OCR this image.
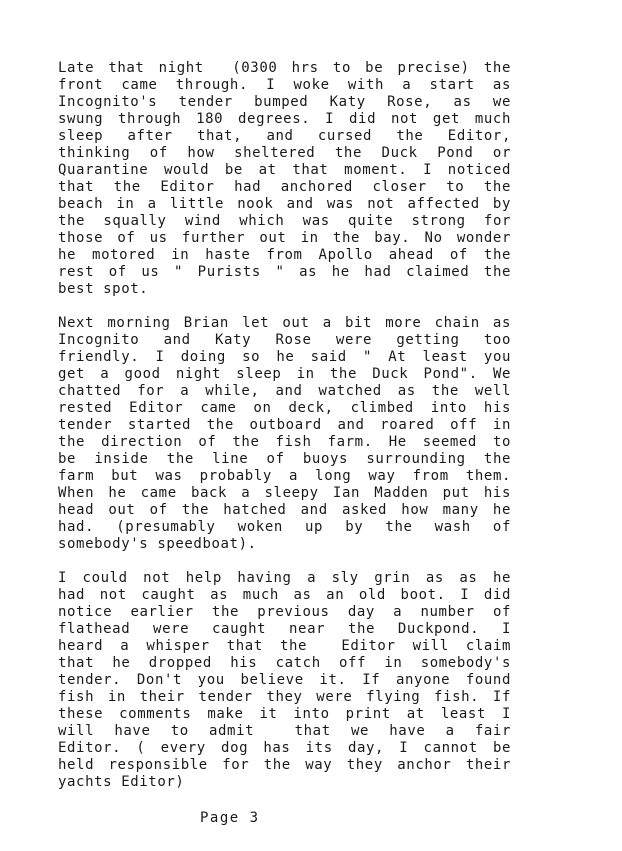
Late that night  (0300 hrs to be precise) the
front came through. I woke with a start as
Incognito's tender bumped Katy Rose, as we
swung through 180 degrees. I did not get much
sleep after that, and cursed the Editor,
thinking of how sheltered the Duck Pond or
Quarantine would be at that moment. I noticed
that the Editor had anchored closer to the
beach in a little nook and was not affected by
the squally wind which was quite strong for
those of us further out in the bay. No wonder
he motored in haste from Apollo ahead of the
rest of us " Purists " as he had claimed the
best spot.
Next morning Brian let out a bit more chain as
Incognito and Katy Rose were getting too
friendly. I doing so he said " At least you
get a good night sleep in the Duck Pond". We
chatted for a while, and watched as the well
rested Editor came on deck, climbed into his
tender started the outboard and roared off in
the direction of the fish farm. He seemed to
be inside the line of buoys surrounding the
farm but was probably a long way from them.
When he came back a sleepy Ian Madden put his
head out of the hatched and asked how many he
had. (presumably woken up by the wash of
somebody's speedboat).
I could not help having a sly grin as as he
had not caught as much as an old boot. I did
notice earlier the previous day a number of
flathead were caught near the Duckpond. I
heard a whisper that the  Editor will claim
that he dropped his catch off in somebody's
tender. Don't you believe it. If anyone found
fish in their tender they were flying fish. If
these comments make it into print at least I
will have to admit  that we have a fair
Editor. ( every dog has its day, I cannot be
held responsible for the way they anchor their
yachts Editor)
Page 3
